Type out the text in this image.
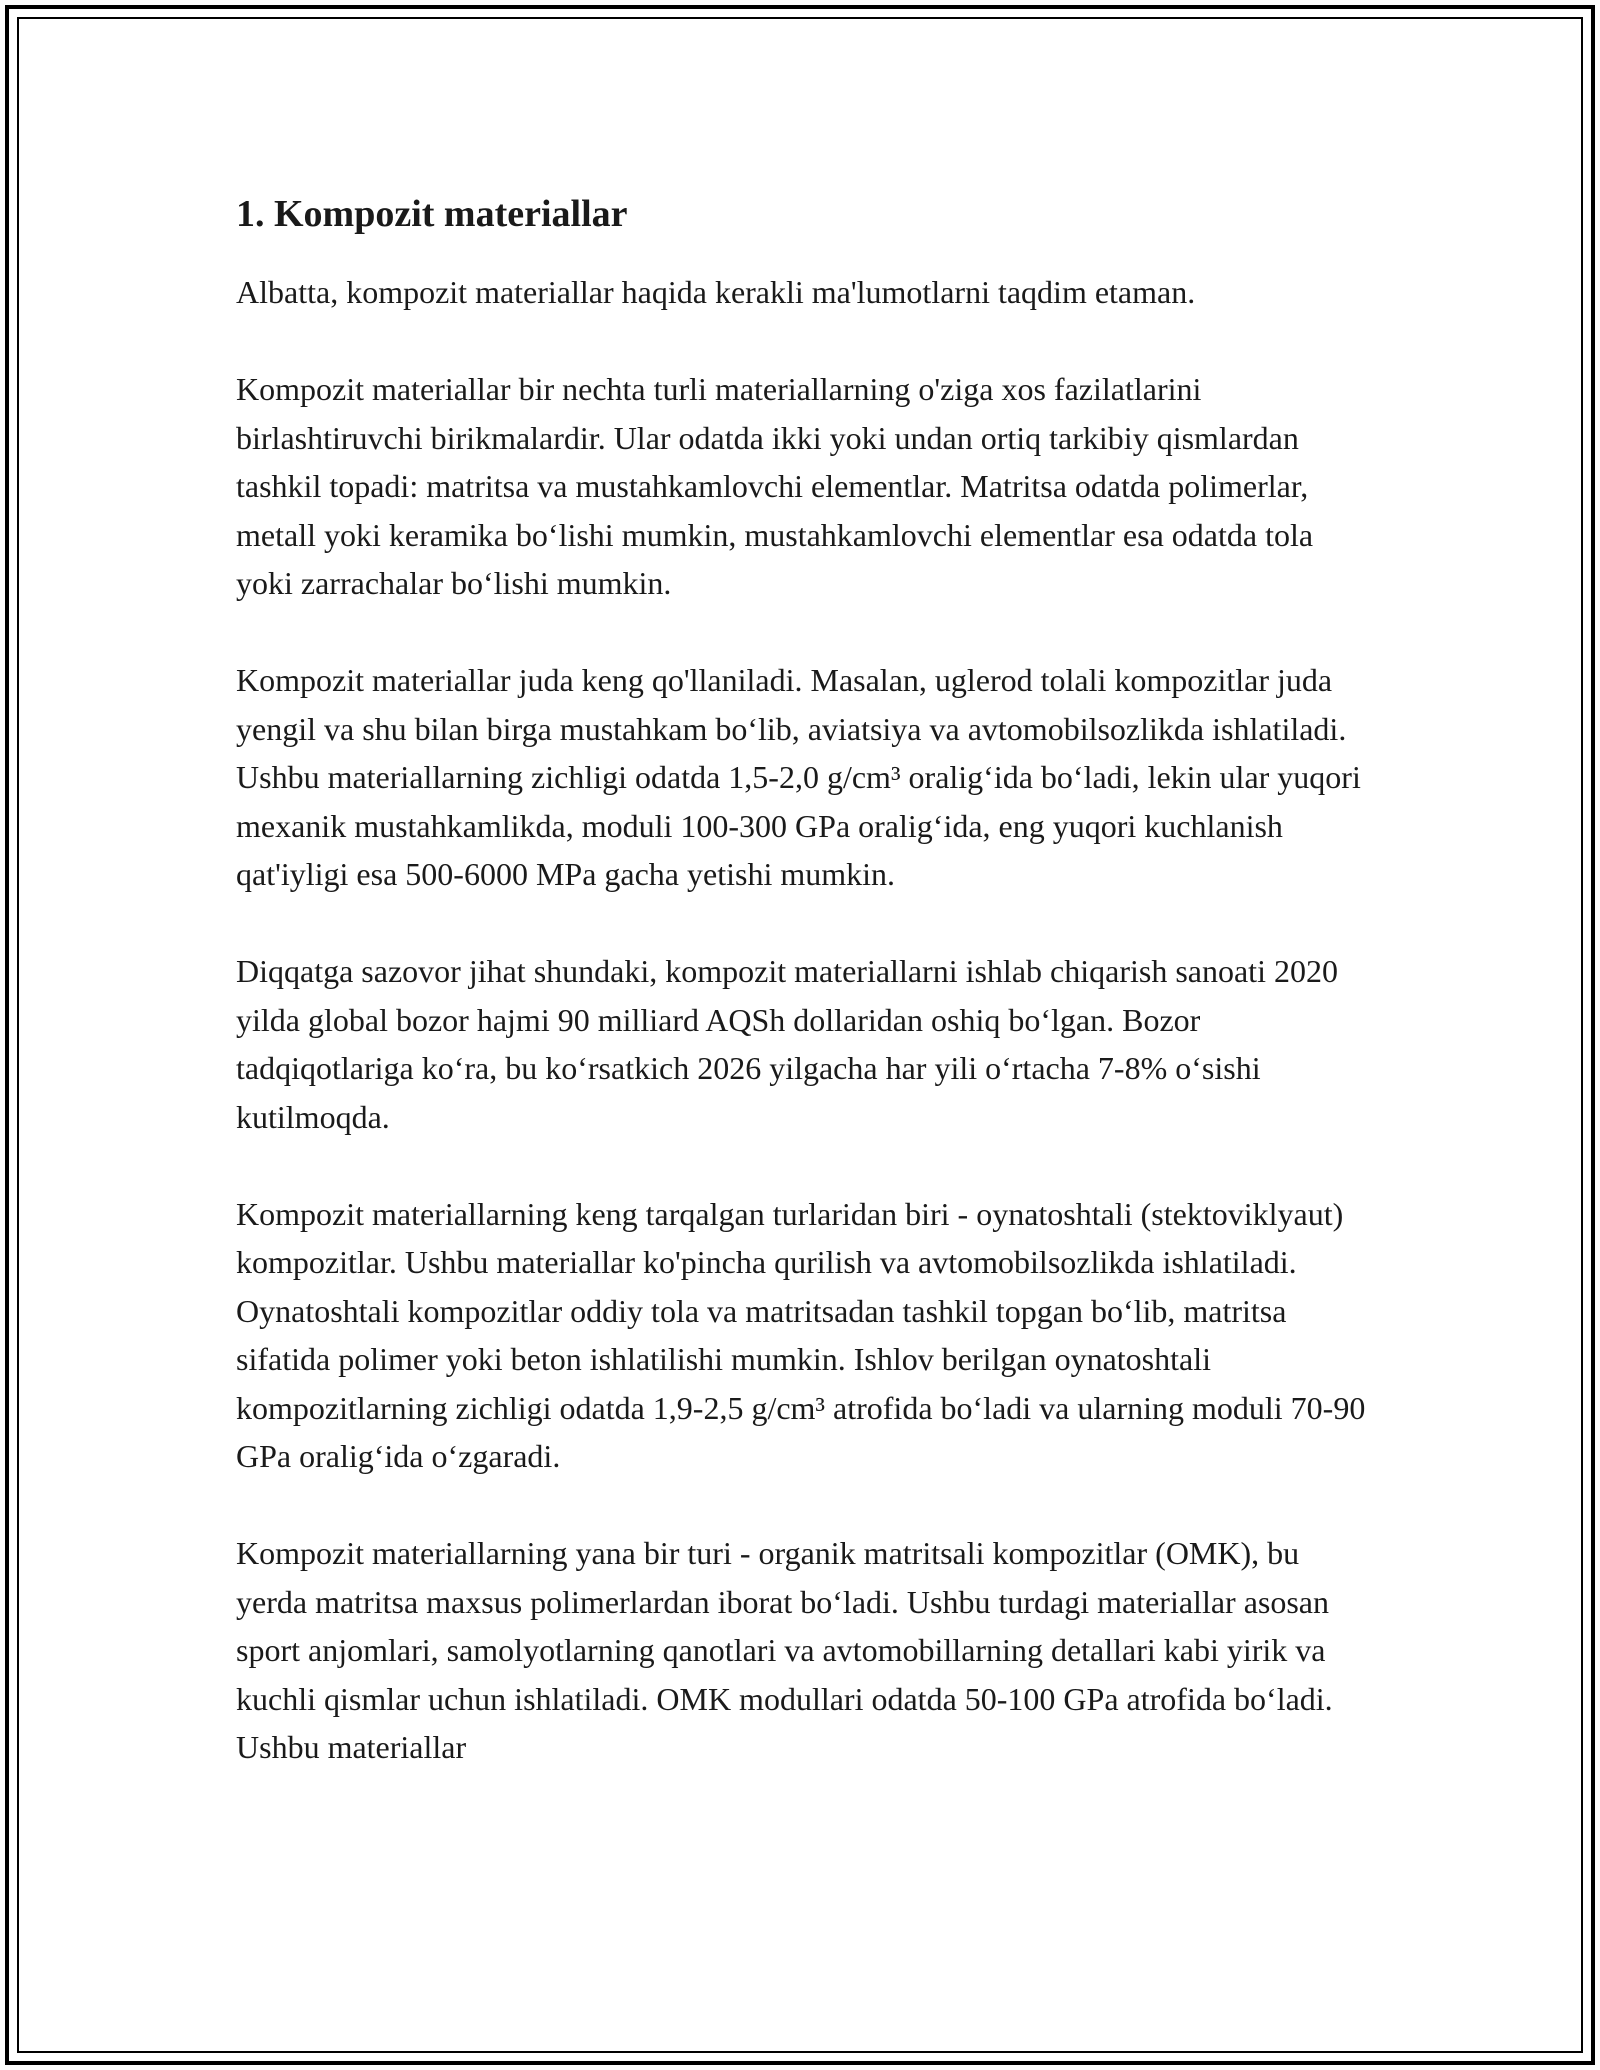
1. Kompozit materiallar

Albatta, kompozit materiallar haqida kerakli ma'lumotlarni taqdim etaman.

Kompozit materiallar bir nechta turli materiallarning o'ziga xos fazilatlarini birlashtiruvchi birikmalardir. Ular odatda ikki yoki undan ortiq tarkibiy qismlardan tashkil topadi: matritsa va mustahkamlovchi elementlar. Matritsa odatda polimerlar, metall yoki keramika boʻlishi mumkin, mustahkamlovchi elementlar esa odatda tola yoki zarrachalar boʻlishi mumkin.

Kompozit materiallar juda keng qo'llaniladi. Masalan, uglerod tolali kompozitlar juda yengil va shu bilan birga mustahkam boʻlib, aviatsiya va avtomobilsozlikda ishlatiladi. Ushbu materiallarning zichligi odatda 1,5-2,0 g/cm³ oraligʻida boʻladi, lekin ular yuqori mexanik mustahkamlikda, moduli 100-300 GPa oraligʻida, eng yuqori kuchlanish qat'iyligi esa 500-6000 MPa gacha yetishi mumkin.

Diqqatga sazovor jihat shundaki, kompozit materiallarni ishlab chiqarish sanoati 2020 yilda global bozor hajmi 90 milliard AQSh dollaridan oshiq boʻlgan. Bozor tadqiqotlariga koʻra, bu koʻrsatkich 2026 yilgacha har yili oʻrtacha 7-8% oʻsishi kutilmoqda.

Kompozit materiallarning keng tarqalgan turlaridan biri - oynatoshtali (stektoviklyaut) kompozitlar. Ushbu materiallar ko'pincha qurilish va avtomobilsozlikda ishlatiladi. Oynatoshtali kompozitlar oddiy tola va matritsadan tashkil topgan boʻlib, matritsa sifatida polimer yoki beton ishlatilishi mumkin. Ishlov berilgan oynatoshtali kompozitlarning zichligi odatda 1,9-2,5 g/cm³ atrofida boʻladi va ularning moduli 70-90 GPa oraligʻida oʻzgaradi.

Kompozit materiallarning yana bir turi - organik matritsali kompozitlar (OMK), bu yerda matritsa maxsus polimerlardan iborat boʻladi. Ushbu turdagi materiallar asosan sport anjomlari, samolyotlarning qanotlari va avtomobillarning detallari kabi yirik va kuchli qismlar uchun ishlatiladi. OMK modullari odatda 50-100 GPa atrofida boʻladi. Ushbu materiallar
